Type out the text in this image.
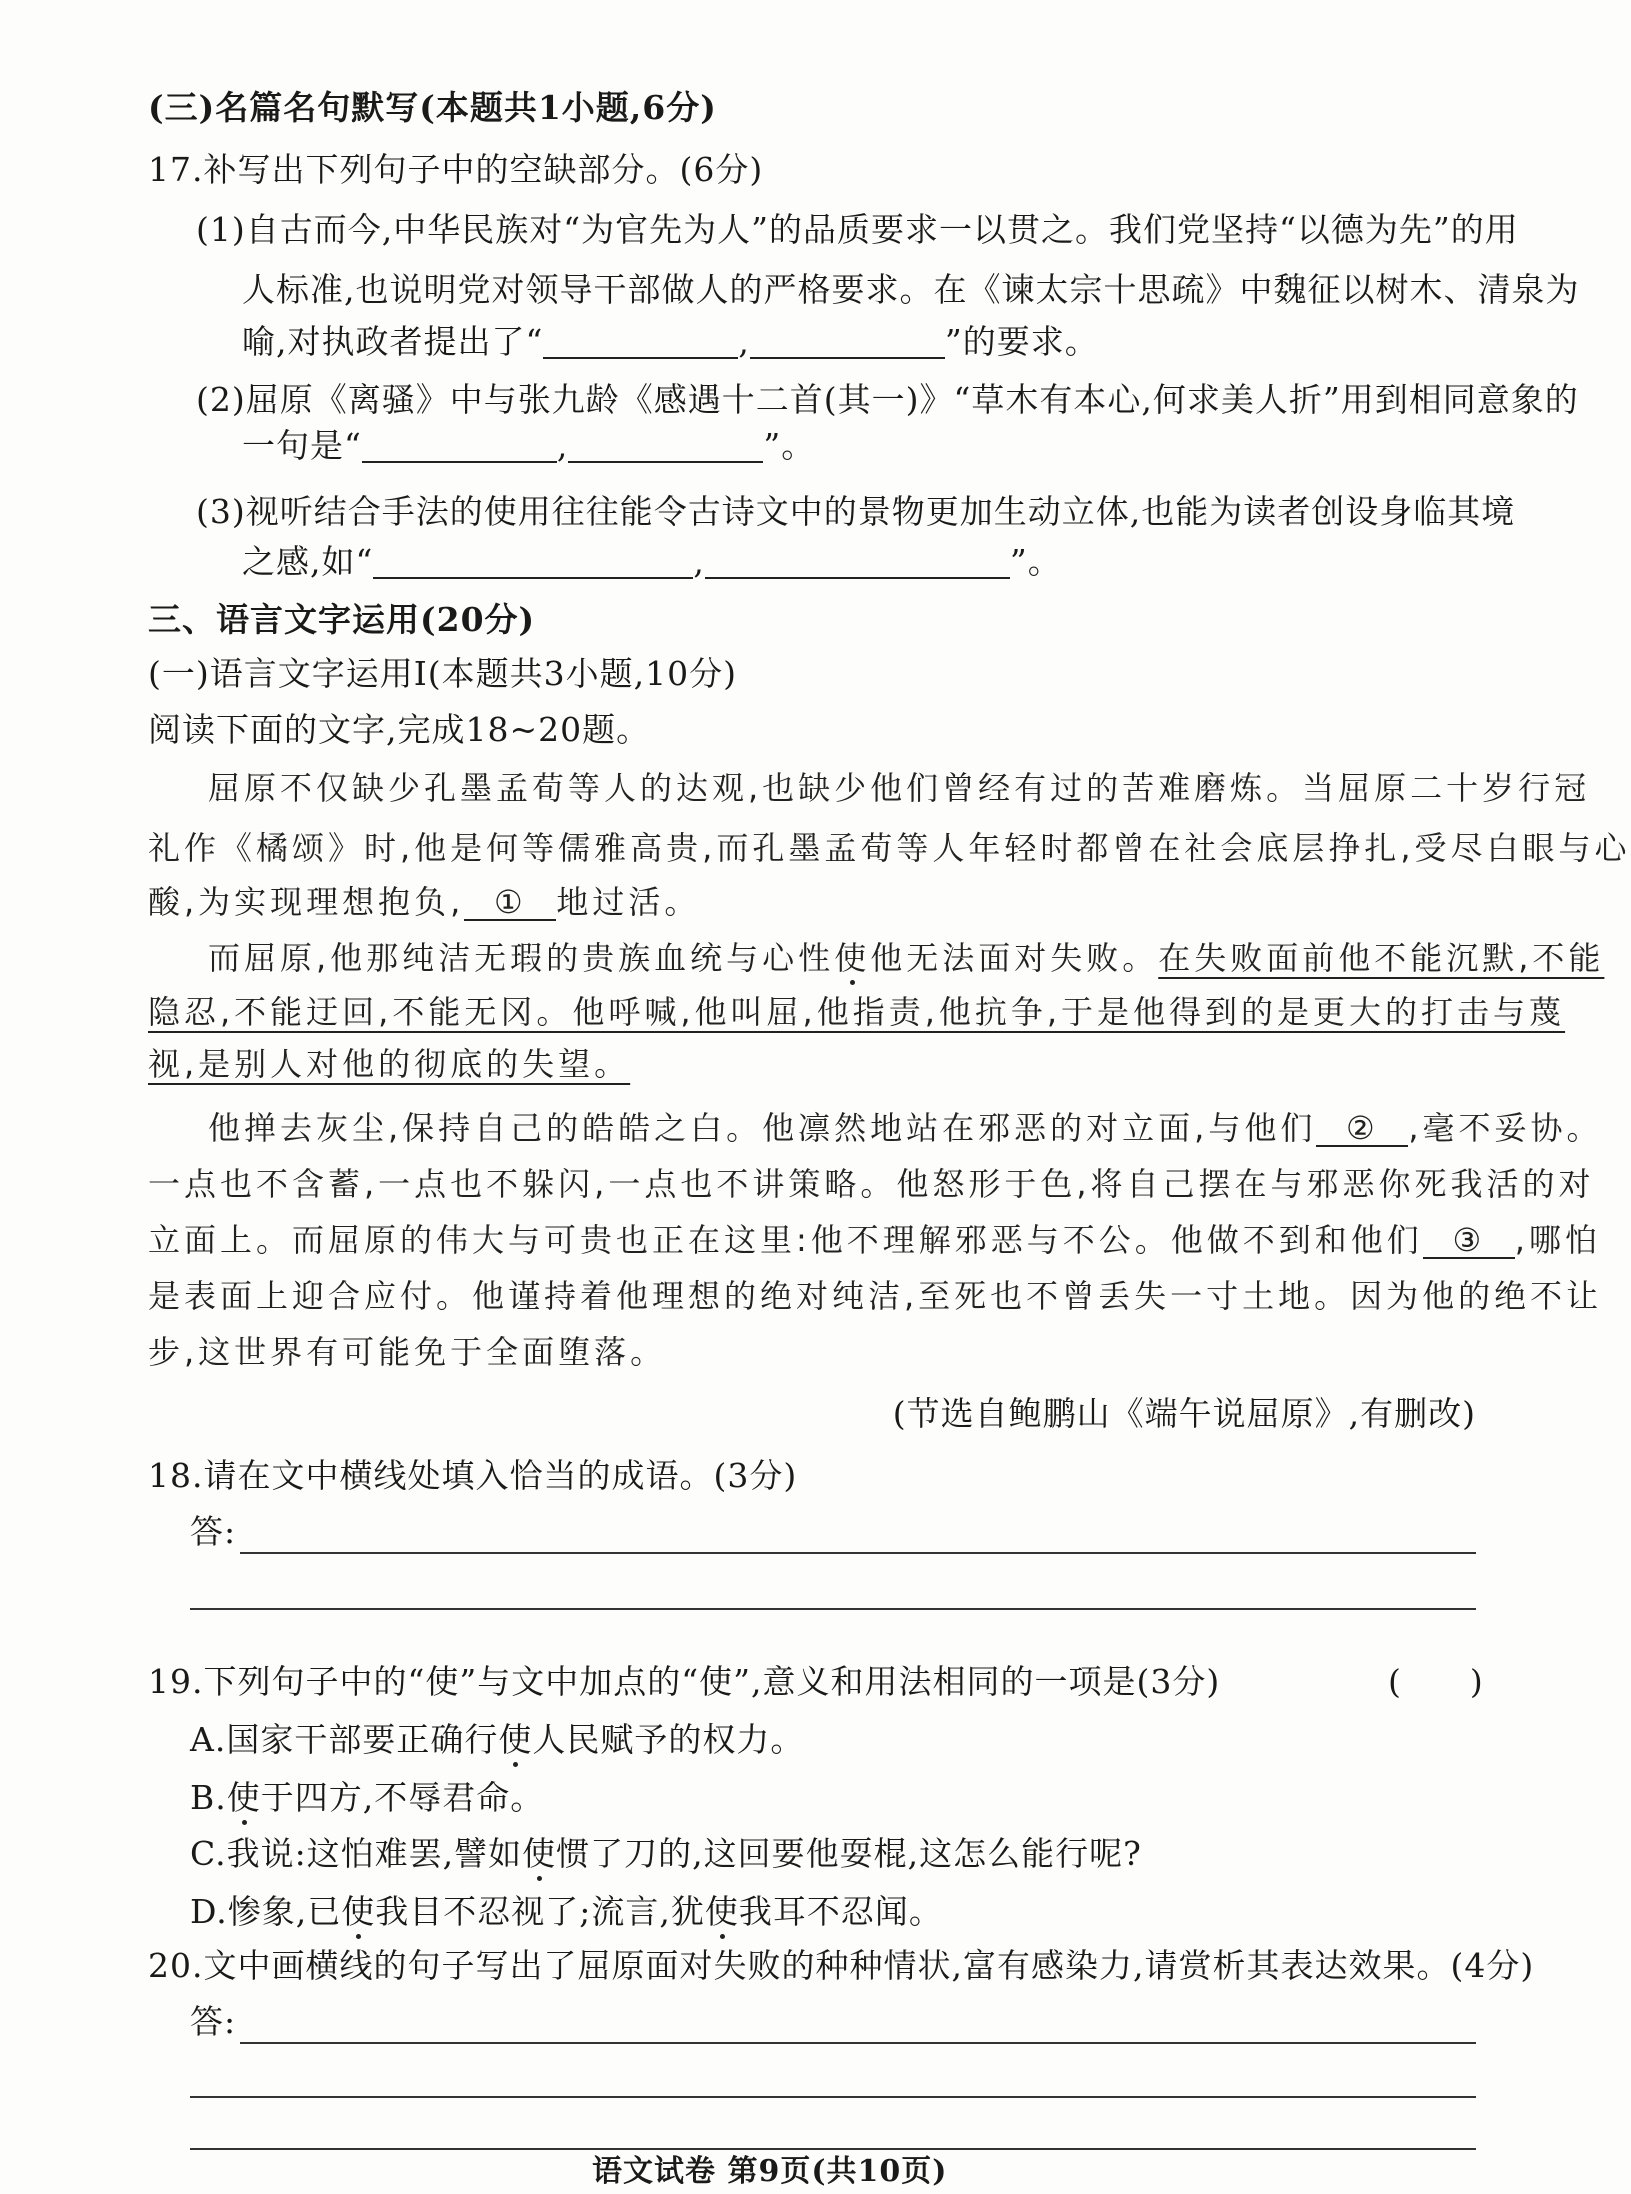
(三)名篇名句默写(本题共1小题,6分)
17.补写出下列句子中的空缺部分。(6分)
(1)自古而今,中华民族对“为官先为人”的品质要求一以贯之。我们党坚持“以德为先”的用
人标准,也说明党对领导干部做人的严格要求。在《谏太宗十思疏》中魏征以树木、清泉为
喻,对执政者提出了“	,	”的要求。
(2)屈原《离骚》中与张九龄《感遇十二首(其一)》“草木有本心,何求美人折”用到相同意象的
一句是“	,	”。
(3)视听结合手法的使用往往能令古诗文中的景物更加生动立体,也能为读者创设身临其境
之感,如“	,	”。
三、语言文字运用(20分)
(一)语言文字运用Ⅰ(本题共3小题,10分)
阅读下面的文字,完成18~20题。
屈原不仅缺少孔墨孟荀等人的达观,也缺少他们曾经有过的苦难磨炼。当屈原二十岁行冠
礼作《橘颂》时,他是何等儒雅高贵,而孔墨孟荀等人年轻时都曾在社会底层挣扎,受尽白眼与心
酸,为实现理想抱负, ① 地过活。
而屈原,他那纯洁无瑕的贵族血统与心性使他无法面对失败。在失败面前他不能沉默,不能
隐忍,不能迂回,不能无冈。他呼喊,他叫屈,他指责,他抗争,于是他得到的是更大的打击与蔑
视,是别人对他的彻底的失望。
他掸去灰尘,保持自己的皓皓之白。他凛然地站在邪恶的对立面,与他们 ② ,毫不妥协。
一点也不含蓄,一点也不躲闪,一点也不讲策略。他怒形于色,将自己摆在与邪恶你死我活的对
立面上。而屈原的伟大与可贵也正在这里:他不理解邪恶与不公。他做不到和他们 ③ ,哪怕
是表面上迎合应付。他谨持着他理想的绝对纯洁,至死也不曾丢失一寸土地。因为他的绝不让
步,这世界有可能免于全面堕落。
(节选自鲍鹏山《端午说屈原》,有删改)
18.请在文中横线处填入恰当的成语。(3分)
答:
19.下列句子中的“使”与文中加点的“使”,意义和用法相同的一项是(3分)	(　　)
A.国家干部要正确行使人民赋予的权力。
B.使于四方,不辱君命。
C.我说:这怕难罢,譬如使惯了刀的,这回要他耍棍,这怎么能行呢?
D.惨象,已使我目不忍视了;流言,犹使我耳不忍闻。
20.文中画横线的句子写出了屈原面对失败的种种情状,富有感染力,请赏析其表达效果。(4分)
答:
语文试卷 第9页(共10页)
